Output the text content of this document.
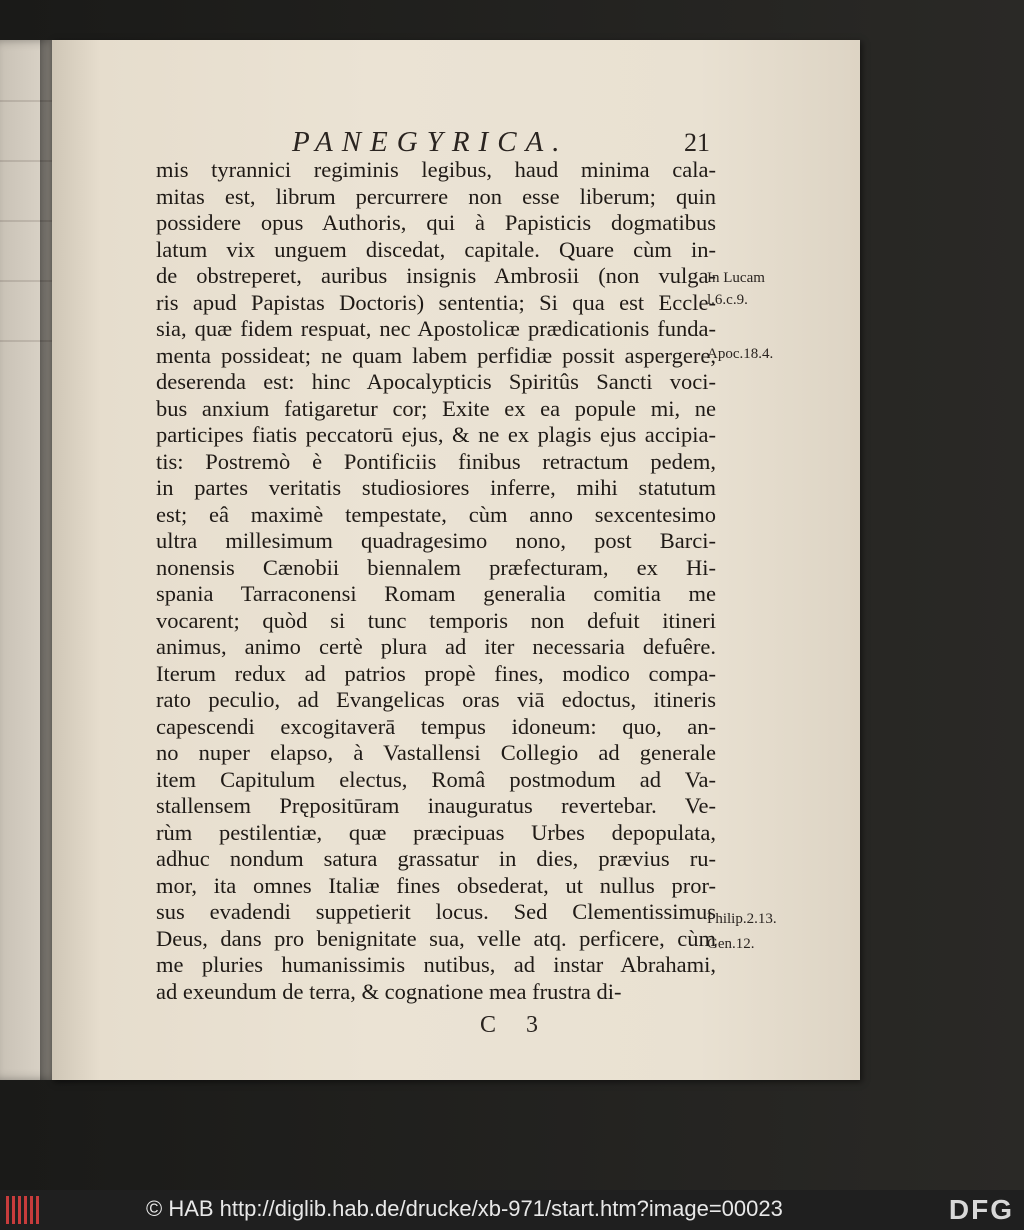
PANEGYRICA.	21
mis tyrannici regiminis legibus, haud minima cala-
mitas est, librum percurrere non esse liberum; quin
possidere opus Authoris, qui à Papisticis dogmatibus
latum vix unguem discedat, capitale. Quare cùm in-
de obstreperet, auribus insignis Ambrosii (non vulga-
ris apud Papistas Doctoris) sententia; Si qua est Eccle-
sia, quæ fidem respuat, nec Apostolicæ prædicationis funda-
menta possideat; ne quam labem perfidiæ possit aspergere,
deserenda est: hinc Apocalypticis Spiritûs Sancti voci-
bus anxium fatigaretur cor; Exite ex ea popule mi, ne
participes fiatis peccatorū ejus, & ne ex plagis ejus accipia-
tis: Postremò è Pontificiis finibus retractum pedem,
in partes veritatis studiosiores inferre, mihi statutum
est; eâ maximè tempestate, cùm anno sexcentesimo
ultra millesimum quadragesimo nono, post Barci-
nonensis Cænobii biennalem præfecturam, ex Hi-
spania Tarraconensi Romam generalia comitia me
vocarent; quòd si tunc temporis non defuit itineri
animus, animo certè plura ad iter necessaria defuêre.
Iterum redux ad patrios propè fines, modico compa-
rato peculio, ad Evangelicas oras viā edoctus, itineris
capescendi excogitaverā tempus idoneum: quo, an-
no nuper elapso, à Vastallensi Collegio ad generale
item Capitulum electus, Româ postmodum ad Va-
stallensem Prępositūram inauguratus revertebar. Ve-
rùm pestilentiæ, quæ præcipuas Urbes depopulata,
adhuc nondum satura grassatur in dies, prævius ru-
mor, ita omnes Italiæ fines obsederat, ut nullus pror-
sus evadendi suppetierit locus. Sed Clementissimus
Deus, dans pro benignitate sua, velle atq. perficere, cùm
me pluries humanissimis nutibus, ad instar Abrahami,
ad exeundum de terra, & cognatione mea frustra di-
In Lucam
l.6.c.9.
Apoc.18.4.
Philip.2.13.
Gen.12.
C 3
© HAB http://diglib.hab.de/drucke/xb-971/start.htm?image=00023	DFG
